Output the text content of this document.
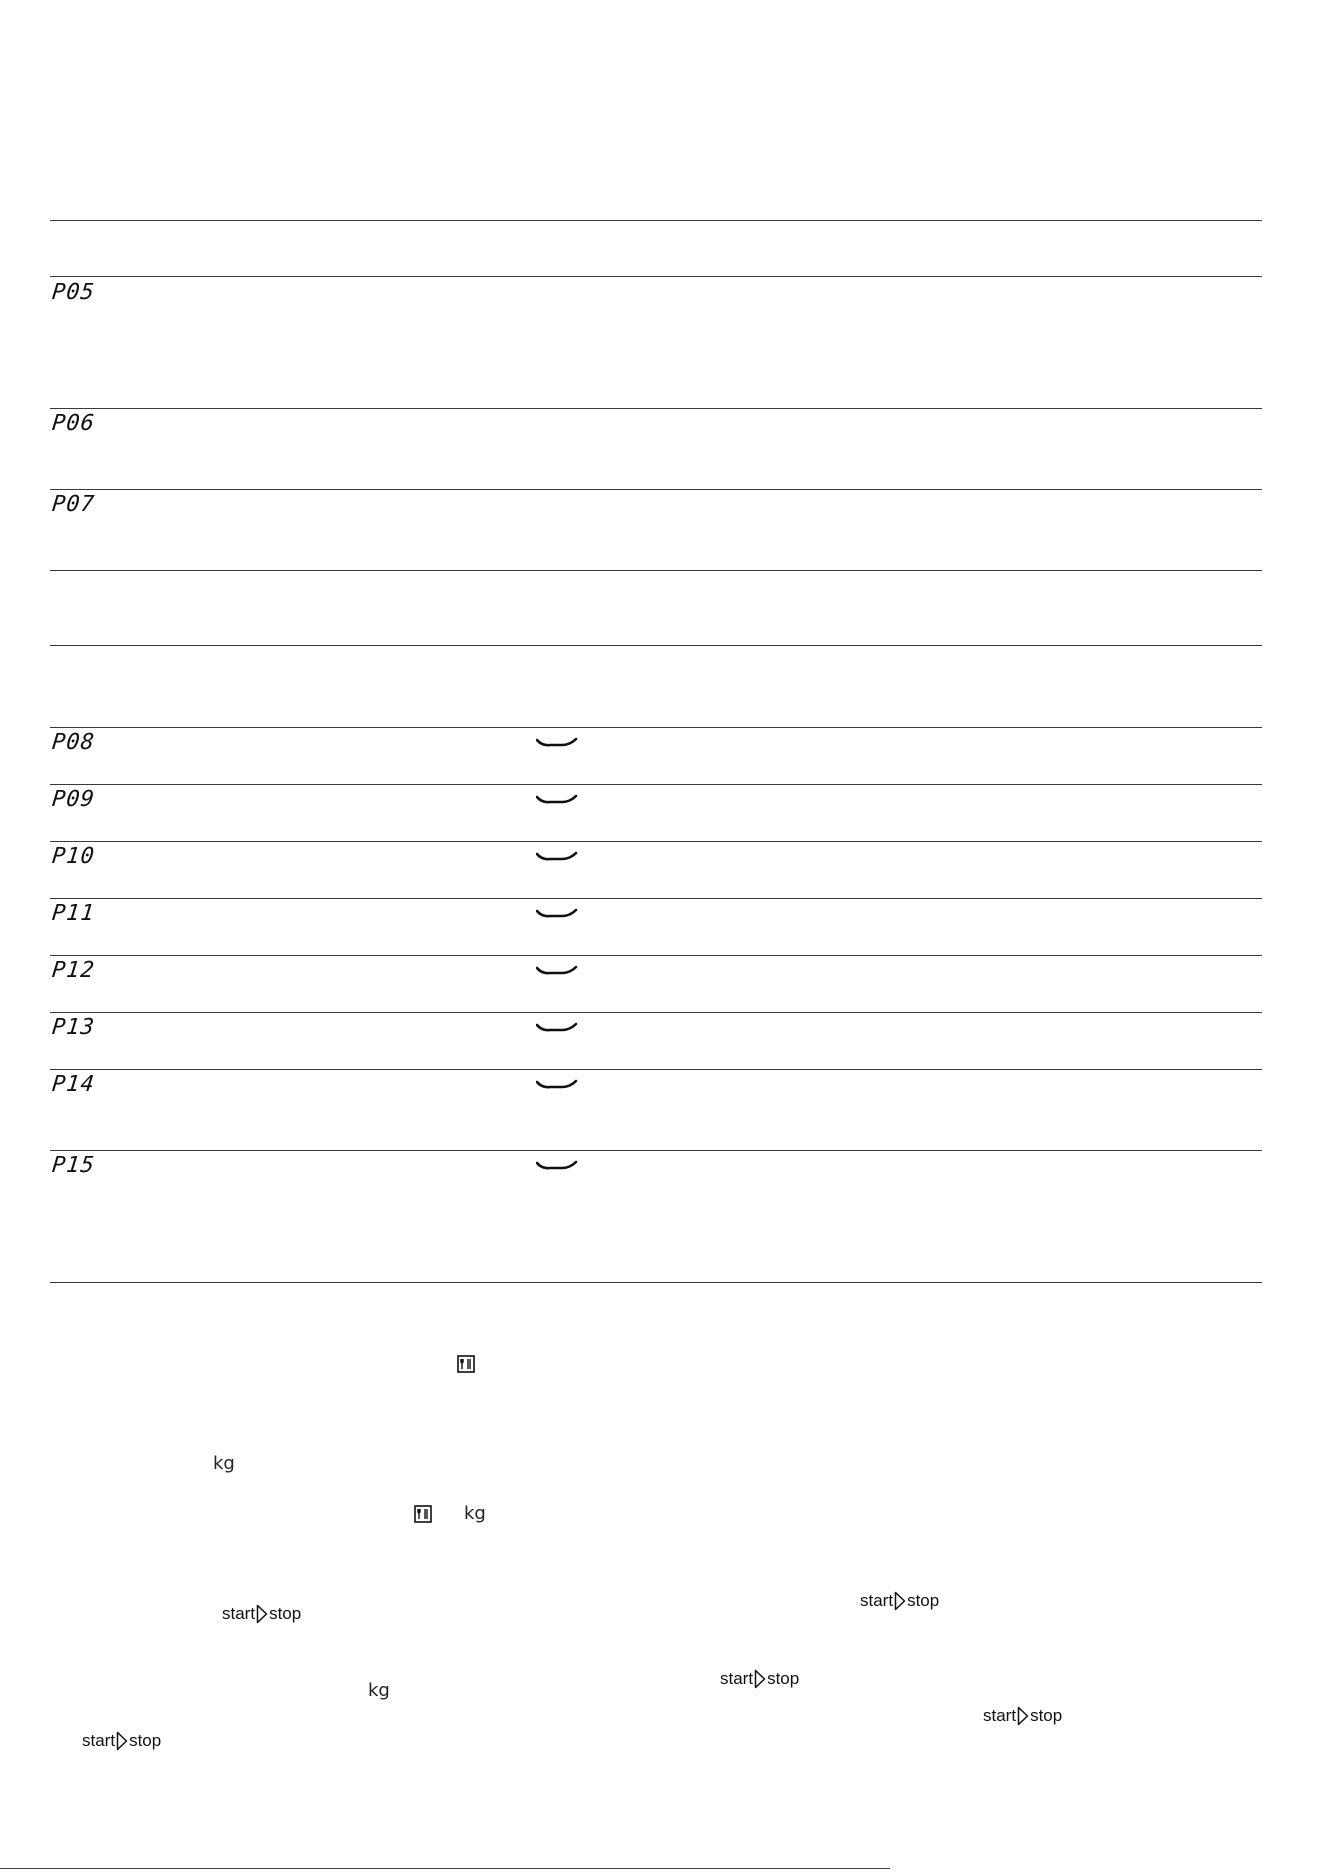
P05
P06
P07
P08
P09
P10
P11
P12
P13
P14
P15
kg
kg
kg
start stop
start stop
start stop
start stop
start stop
